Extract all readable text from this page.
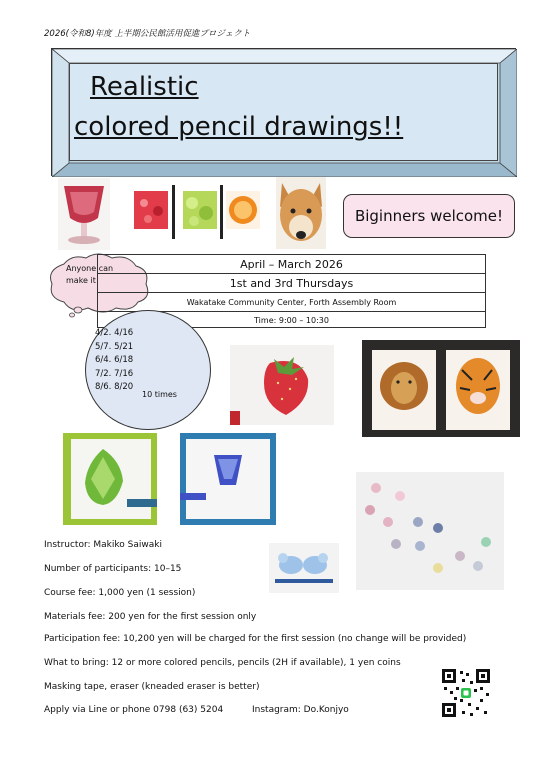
2026(令和8)年度 上半期公民館活用促進プロジェクト
Realistic
colored pencil drawings!!
Biginners welcome!
Anyone can
make it!
April – March 2026
1st and 3rd Thursdays
Wakatake Community Center, Forth Assembly Room
Time: 9:00 – 10:30
4/2. 4/16
5/7. 5/21
6/4. 6/18
7/2. 7/16
8/6. 8/20
10 times
Instructor: Makiko Saiwaki
Number of participants: 10–15
Course fee: 1,000 yen (1 session)
Materials fee: 200 yen for the first session only
Participation fee: 10,200 yen will be charged for the first session (no change will be provided)
What to bring: 12 or more colored pencils, pencils (2H if available), 1 yen coins
Masking tape, eraser (kneaded eraser is better)
Apply via Line or phone 0798 (63) 5204	Instagram: Do.Konjyo
